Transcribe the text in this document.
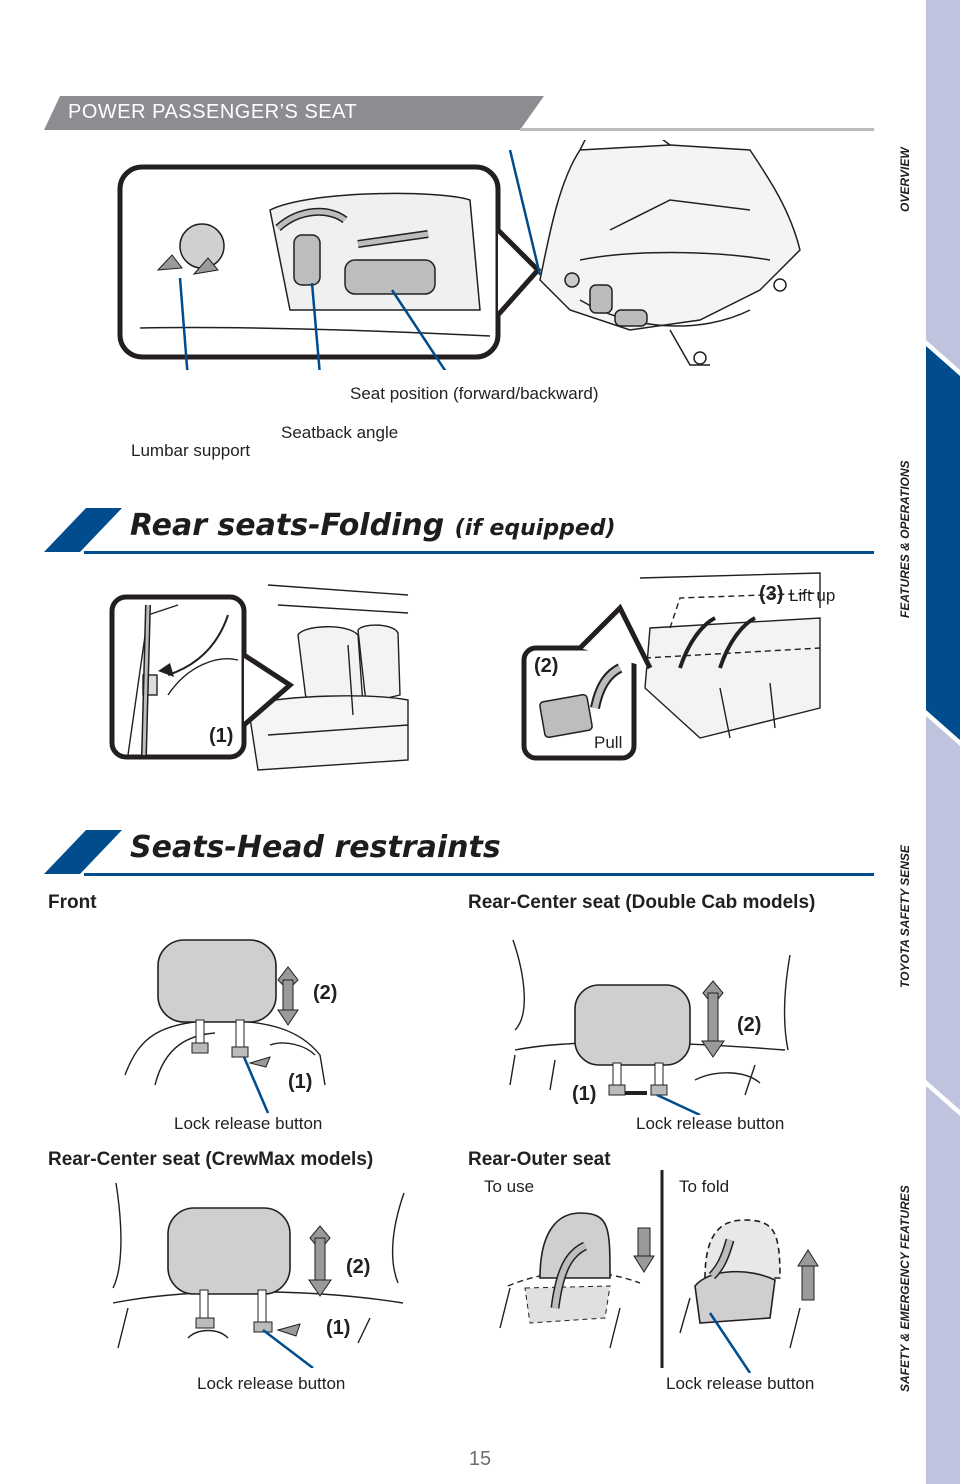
POWER PASSENGER’S SEAT
Seat position (forward/backward)
Seatback angle
Lumbar support
Rear seats-Folding (if equipped)
(1)
(3) Lift up
(2)
Pull
Seats-Head restraints
Front
(2)
(1)
Lock release button
Rear-Center seat (Double Cab models)
(2)
(1)
Lock release button
Rear-Center seat (CrewMax models)
(2)
(1)
Lock release button
Rear-Outer seat
To use	To fold
Lock release button
15
OVERVIEW
FEATURES & OPERATIONS
TOYOTA SAFETY SENSE
SAFETY & EMERGENCY FEATURES
